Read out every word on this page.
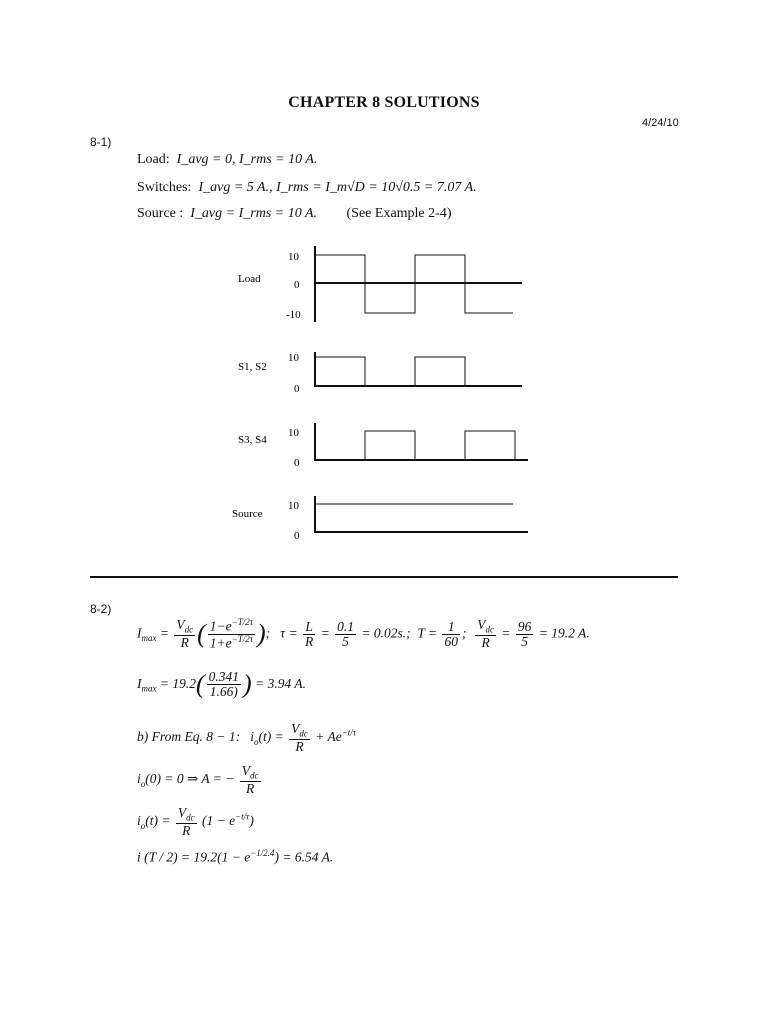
CHAPTER 8 SOLUTIONS
4/24/10
8-1)
Load: I_avg = 0, I_rms = 10 A.
Switches: I_avg = 5 A., I_rms = I_m√D = 10√0.5 = 7.07 A.
Source : I_avg = I_rms = 10 A. (See Example 2-4)
Load
10
0
-10
S1, S2
10
0
S3, S4
10
0
Source
10
0
8-2)
$I_{max} = \frac{V_{dc}}{R}$ ( $\frac{1-e^{-T/2\tau}}{1+e^{-T/2\tau}}$ );   $\tau = \frac{L}{R} = \frac{0.1}{5} = 0.02s$.; $T = \frac{1}{60}$ ; $\frac{V_{dc}}{R} = \frac{96}{5} = 19.2$ A.
$I_{max} = 19.2( \frac{0.341}{1.66)}$ ) = 3.94 A.
b) From Eq. 8 − 1: $i_o(t) = \frac{V_{dc}}{R} + Ae^{-t/\tau}$
$i_o(0) = 0$ ⇒ A = − $\frac{V_{dc}}{R}$
$i_o(t) = \frac{V_{dc}}{R} (1 - e^{-t/\tau})$
i $(T / 2) = 19.2(1 - e^{-1/2.4}) = 6.54$ A.
